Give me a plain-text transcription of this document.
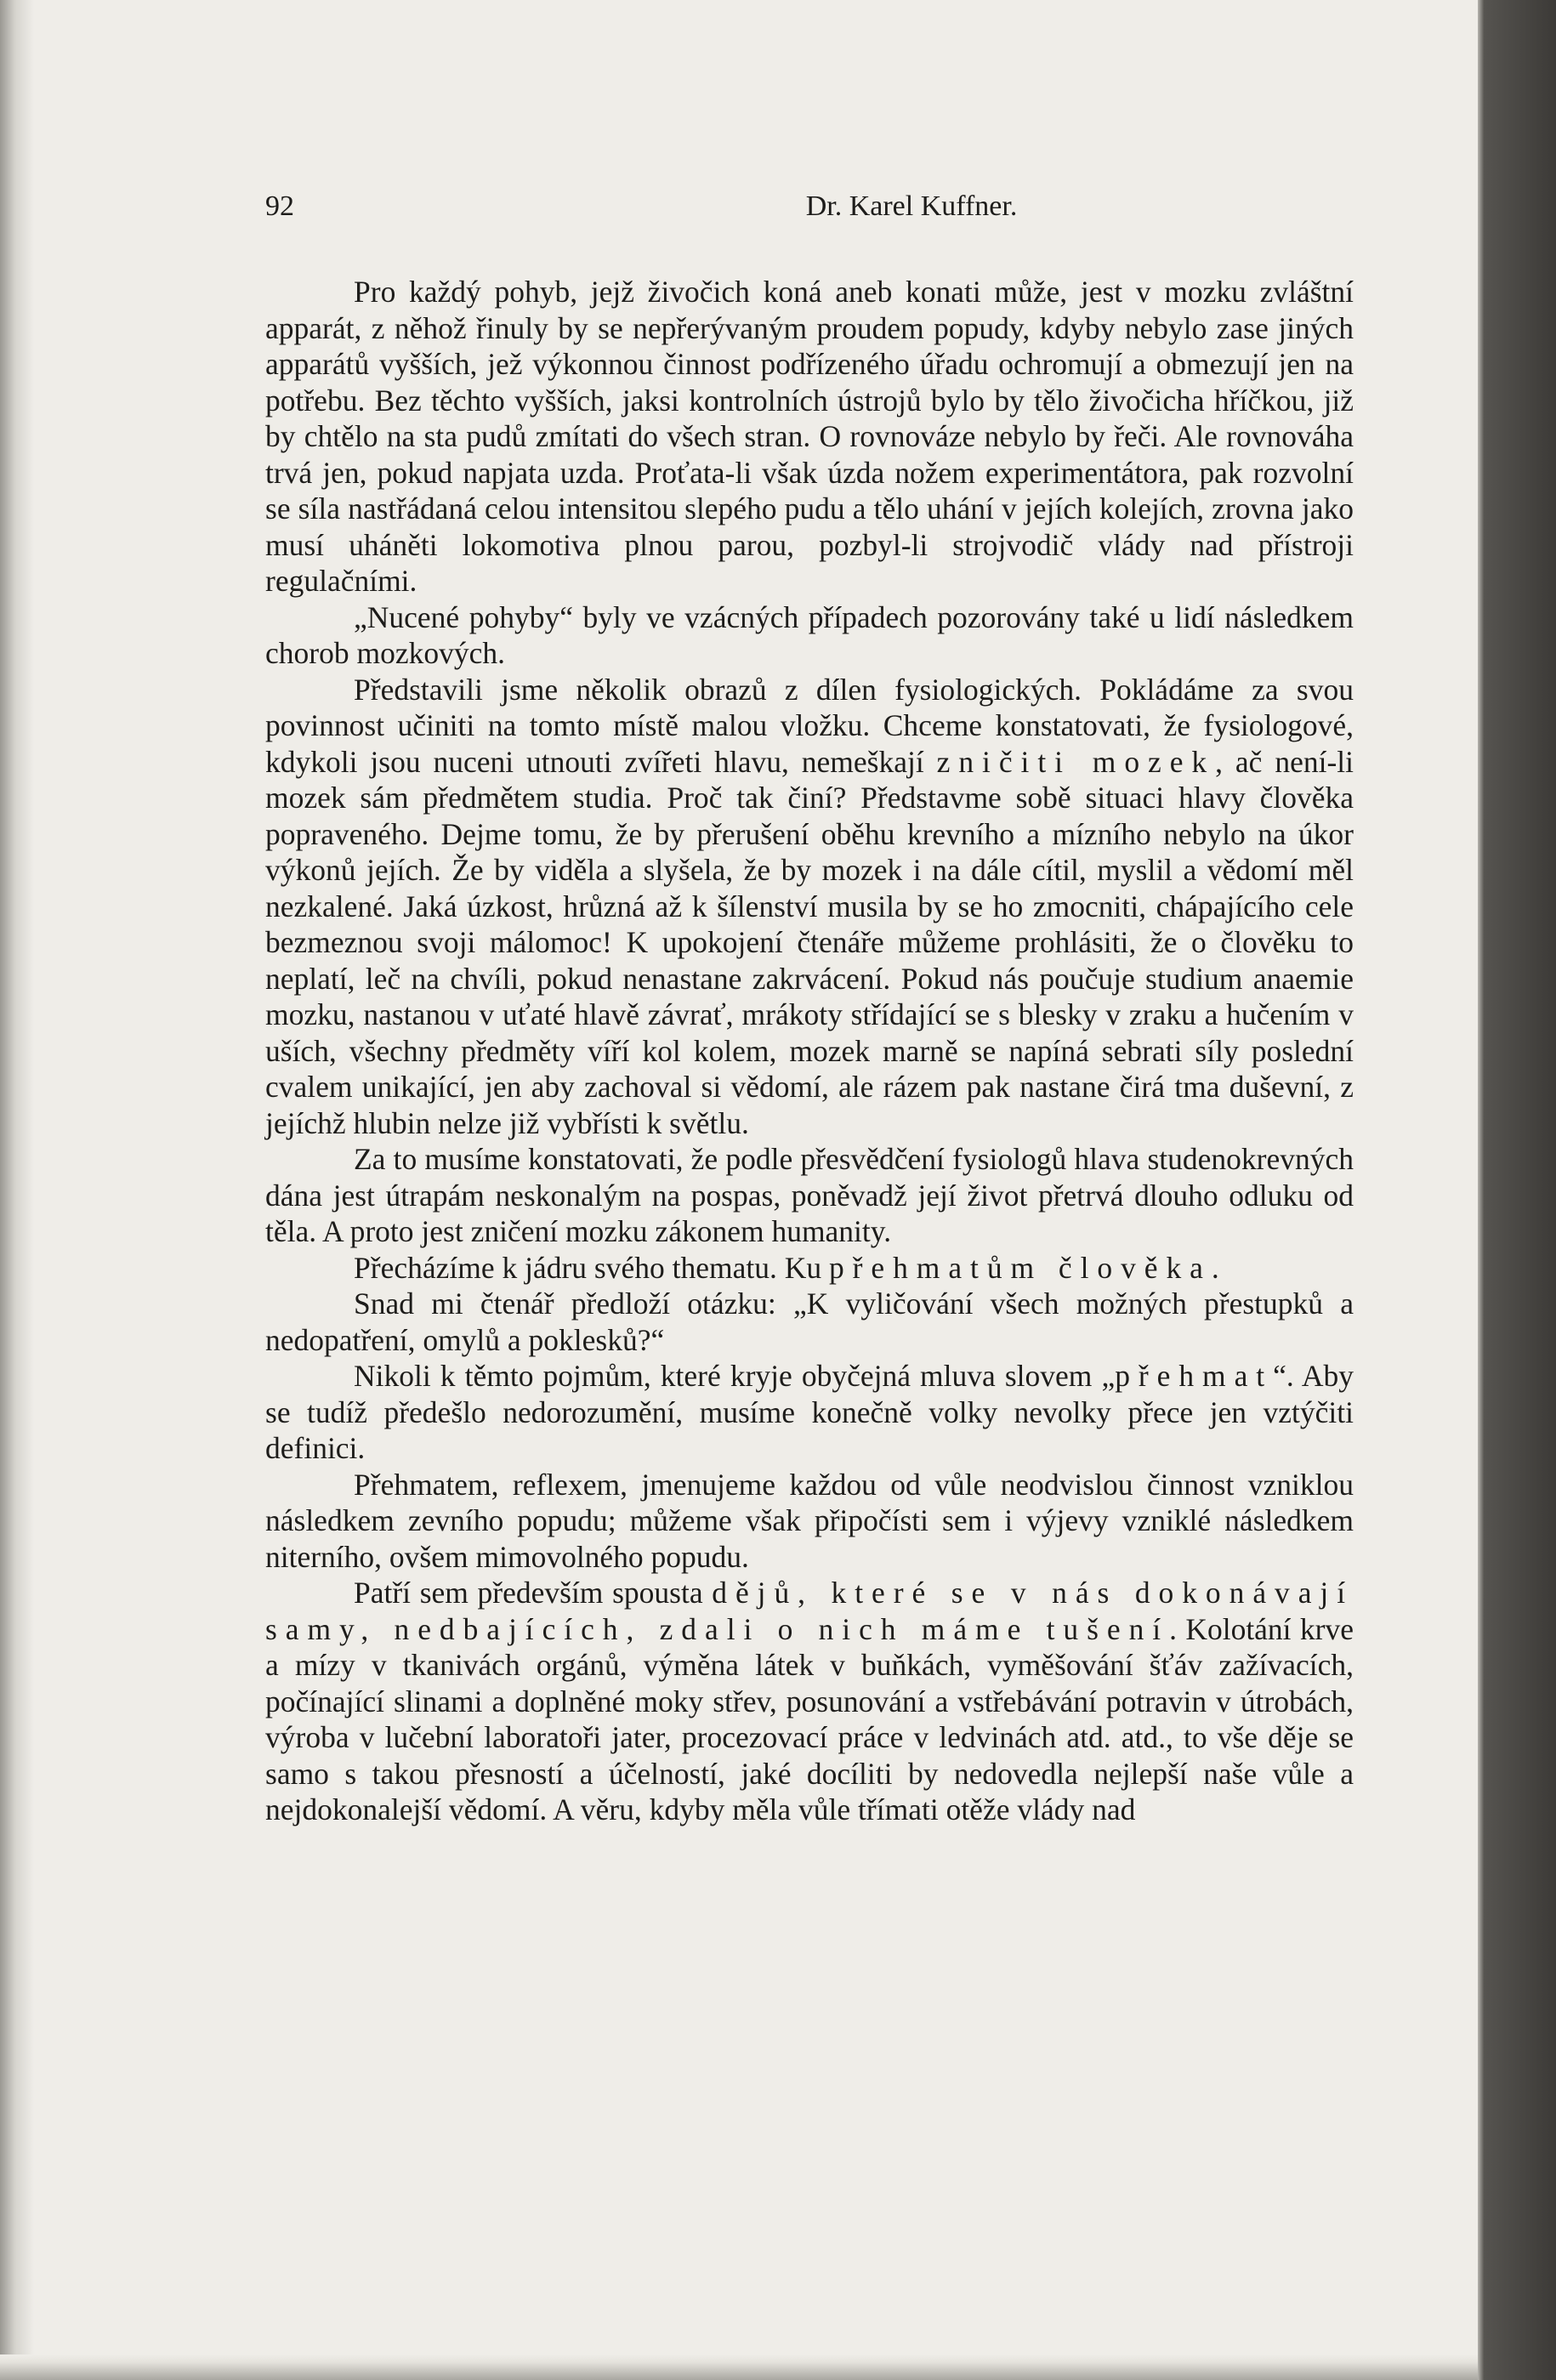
92	Dr. Karel Kuffner.

Pro každý pohyb, jejž živočich koná aneb konati může, jest v mozku zvláštní apparát, z něhož řinuly by se nepřerývaným proudem popudy, kdyby nebylo zase jiných apparátů vyšších, jež výkonnou činnost podřízeného úřadu ochromují a obmezují jen na potřebu. Bez těchto vyšších, jaksi kontrolních ústrojů bylo by tělo živočicha hříčkou, již by chtělo na sta pudů zmítati do všech stran. O rovnováze nebylo by řeči. Ale rovnováha trvá jen, pokud napjata uzda. Proťata-li však úzda nožem experimentátora, pak rozvolní se síla nastřádaná celou intensitou slepého pudu a tělo uhání v jejích kolejích, zrovna jako musí uháněti lokomotiva plnou parou, pozbyl-li strojvodič vlády nad přístroji regulačními.

„Nucené pohyby“ byly ve vzácných případech pozorovány také u lidí následkem chorob mozkových.

Představili jsme několik obrazů z dílen fysiologických. Pokládáme za svou povinnost učiniti na tomto místě malou vložku. Chceme konstatovati, že fysiologové, kdykoli jsou nuceni utnouti zvířeti hlavu, nemeškají zničiti mozek, ač není-li mozek sám předmětem studia. Proč tak činí? Představme sobě situaci hlavy člověka popraveného. Dejme tomu, že by přerušení oběhu krevního a mízního nebylo na úkor výkonů jejích. Že by viděla a slyšela, že by mozek i na dále cítil, myslil a vědomí měl nezkalené. Jaká úzkost, hrůzná až k šílenství musila by se ho zmocniti, chápajícího cele bezmeznou svoji málomoc! K upokojení čtenáře můžeme prohlásiti, že o člověku to neplatí, leč na chvíli, pokud nenastane zakrvácení. Pokud nás poučuje studium anaemie mozku, nastanou v uťaté hlavě závrať, mrákoty střídající se s blesky v zraku a hučením v uších, všechny předměty víří kol kolem, mozek marně se napíná sebrati síly poslední cvalem unikající, jen aby zachoval si vědomí, ale rázem pak nastane čirá tma duševní, z jejíchž hlubin nelze již vybřísti k světlu.

Za to musíme konstatovati, že podle přesvědčení fysiologů hlava studenokrevných dána jest útrapám neskonalým na pospas, poněvadž její život přetrvá dlouho odluku od těla. A proto jest zničení mozku zákonem humanity.

Přecházíme k jádru svého thematu. Ku přehmatům člověka.

Snad mi čtenář předloží otázku: „K vyličování všech možných přestupků a nedopatření, omylů a poklesků?“

Nikoli k těmto pojmům, které kryje obyčejná mluva slovem „přehmat“. Aby se tudíž předešlo nedorozumění, musíme konečně volky nevolky přece jen vztýčiti definici.

Přehmatem, reflexem, jmenujeme každou od vůle neodvislou činnost vzniklou následkem zevního popudu; můžeme však připočísti sem i výjevy vzniklé následkem niterního, ovšem mimovolného popudu.

Patří sem především spousta dějů, které se v nás dokonávají samy, nedbajících, zdali o nich máme tušení. Kolotání krve a mízy v tkanivách orgánů, výměna látek v buňkách, vyměšování šťáv zažívacích, počínající slinami a doplněné moky střev, posunování a vstřebávání potravin v útrobách, výroba v lučební laboratoři jater, procezovací práce v ledvinách atd. atd., to vše děje se samo s takou přesností a účelností, jaké docíliti by nedovedla nejlepší naše vůle a nejdokonalejší vědomí. A věru, kdyby měla vůle třímati otěže vlády nad
